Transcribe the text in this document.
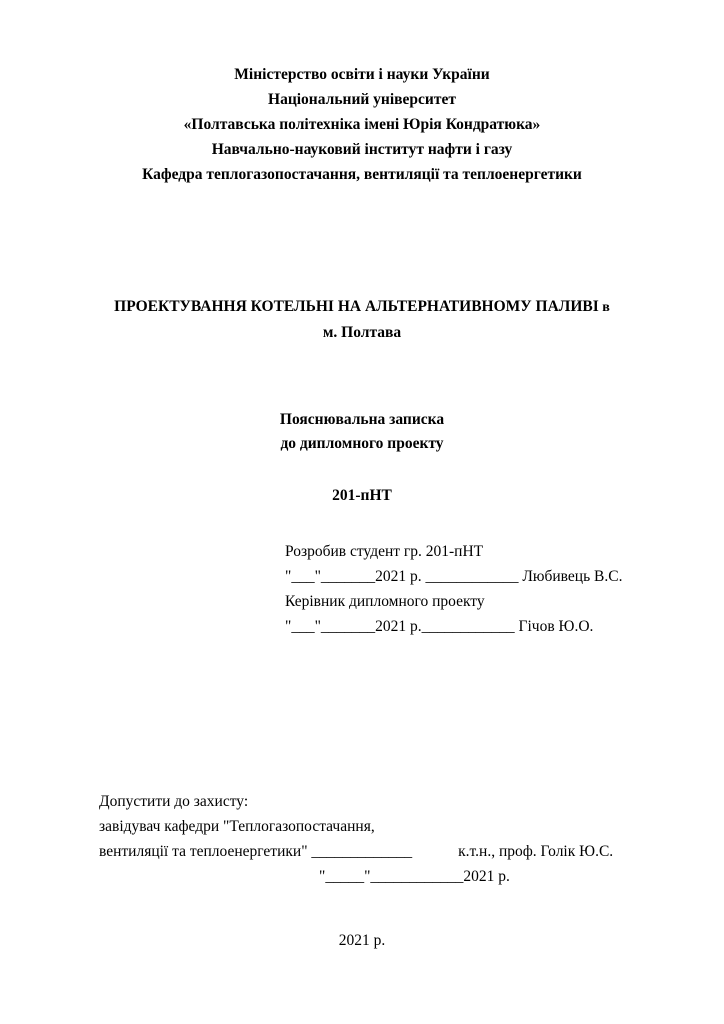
Міністерство освіти і науки України
Національний університет
«Полтавська політехніка імені Юрія Кондратюка»
Навчально-науковий інститут нафти і газу
Кафедра теплогазопостачання, вентиляції та теплоенергетики
ПРОЕКТУВАННЯ КОТЕЛЬНІ НА АЛЬТЕРНАТИВНОМУ ПАЛИВІ в
м. Полтава
Пояснювальна записка
до дипломного проекту
201-пНТ
Розробив студент гр. 201-пНТ
"___"_______2021 р. ____________ Любивець В.С.
Керівник дипломного проекту
"___"_______2021 р.____________ Гічов Ю.О.
Допустити до захисту:
завідувач кафедри "Теплогазопостачання,
вентиляції та теплоенергетики" _____________	к.т.н., проф. Голік Ю.С.
"_____"____________2021 р.
2021 р.
